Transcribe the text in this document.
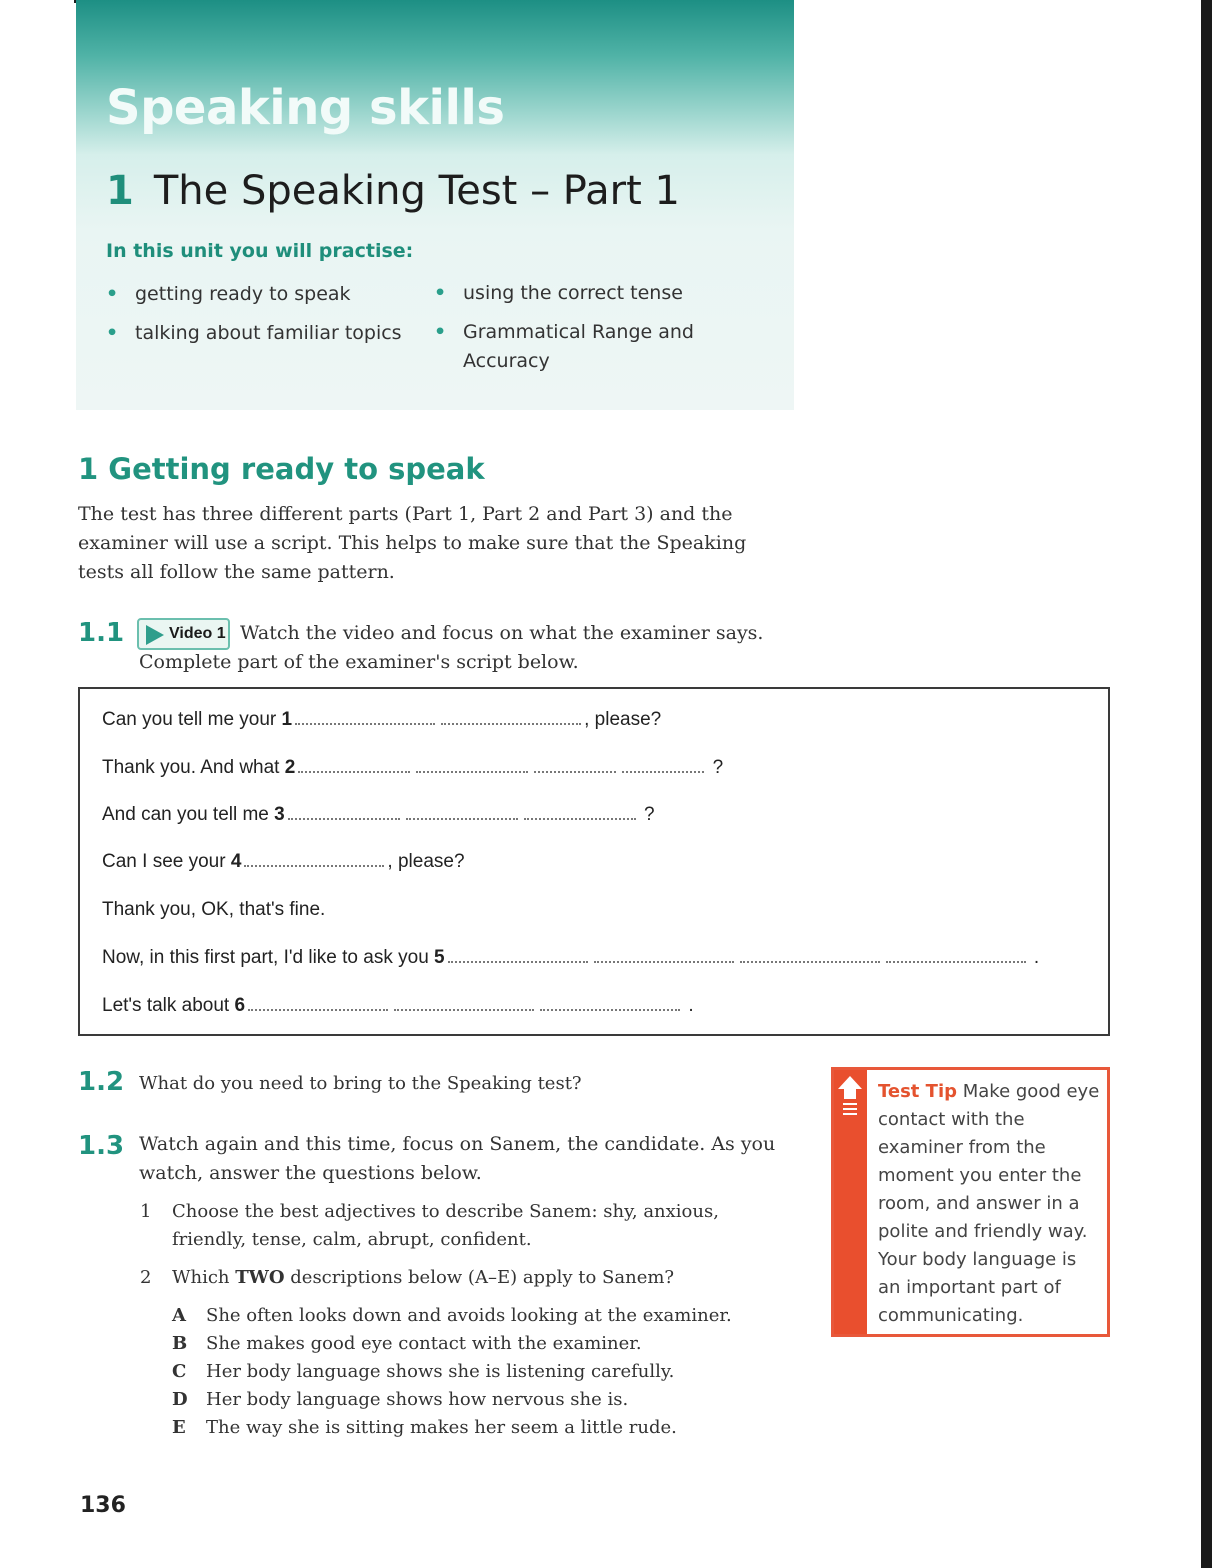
Speaking skills
1 The Speaking Test – Part 1
In this unit you will practise:
• getting ready to speak
• talking about familiar topics
• using the correct tense
• Grammatical Range and Accuracy
1 Getting ready to speak
The test has three different parts (Part 1, Part 2 and Part 3) and the examiner will use a script. This helps to make sure that the Speaking tests all follow the same pattern.
1.1	Video 1 Watch the video and focus on what the examiner says.
Complete part of the examiner's script below.
Can you tell me your 1	, please?
Thank you. And what 2	?
And can you tell me 3	?
Can I see your 4	, please?
Thank you, OK, that's fine.
Now, in this first part, I'd like to ask you 5	.
Let's talk about 6	.
1.2 What do you need to bring to the Speaking test?
1.3 Watch again and this time, focus on Sanem, the candidate. As you
watch, answer the questions below.
1	Choose the best adjectives to describe Sanem: shy, anxious, friendly, tense, calm, abrupt, confident.
2	Which TWO descriptions below (A–E) apply to Sanem?
A She often looks down and avoids looking at the examiner.
B She makes good eye contact with the examiner.
C Her body language shows she is listening carefully.
D Her body language shows how nervous she is.
E The way she is sitting makes her seem a little rude.
Test Tip Make good eye contact with the examiner from the moment you enter the room, and answer in a polite and friendly way. Your body language is an important part of communicating.
136
